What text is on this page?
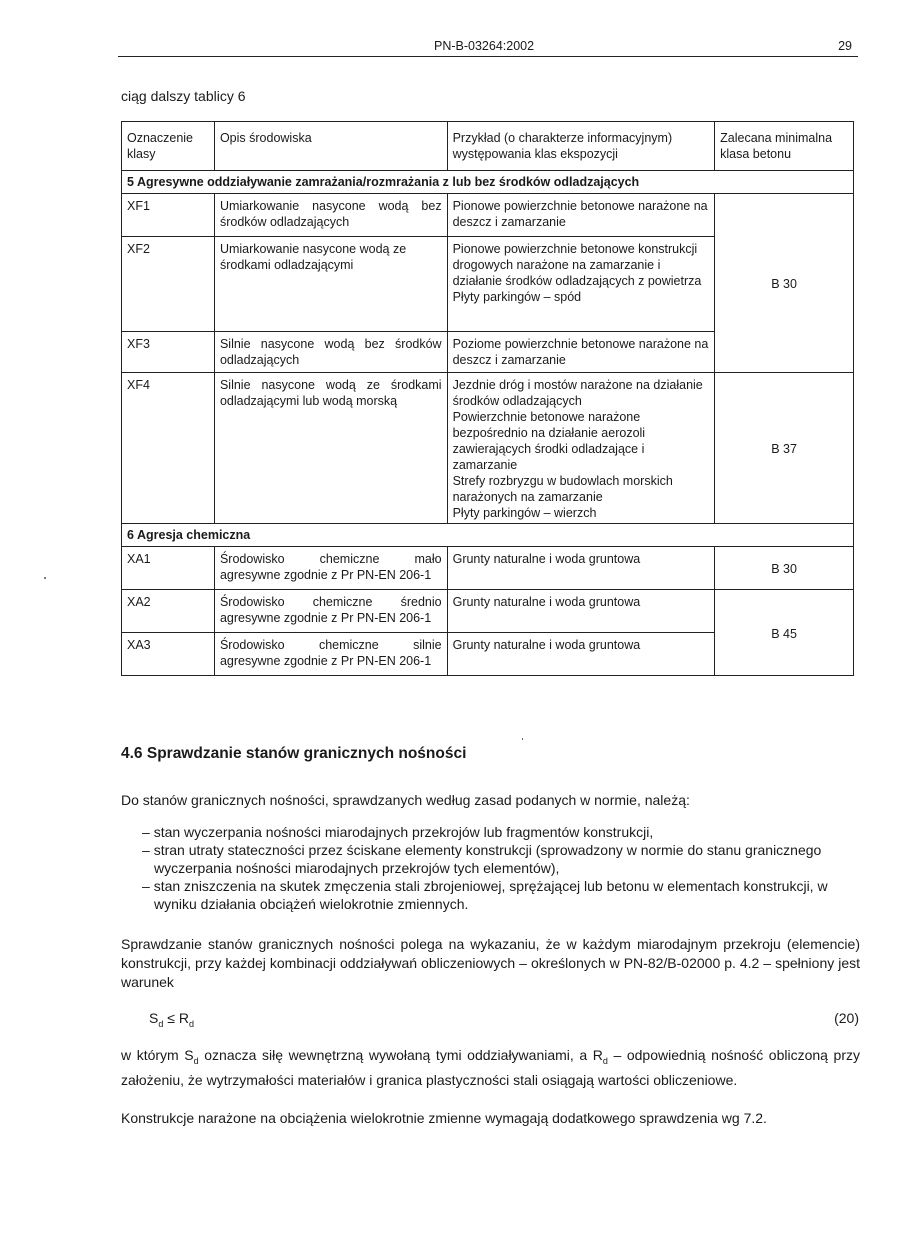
PN-B-03264:2002	29
ciąg dalszy tablicy 6
Oznaczenie klasy	Opis środowiska	Przykład (o charakterze informacyjnym) występowania klas ekspozycji	Zalecana minimalna klasa betonu
5 Agresywne oddziaływanie zamrażania/rozmrażania z lub bez środków odladzających			
XF1	Umiarkowanie nasycone wodą bez środków odladzających	Pionowe powierzchnie betonowe narażone na deszcz i zamarzanie	B 30
XF2	Umiarkowanie nasycone wodą ze środkami odladzającymi	Pionowe powierzchnie betonowe konstrukcji drogowych narażone na zamarzanie i działanie środków odladzających z powietrza
Płyty parkingów – spód	

XF3	Silnie nasycone wodą bez środków odladzających	Poziome powierzchnie betonowe narażone na deszcz i zamarzanie	
XF4	Silnie nasycone wodą ze środkami odladzającymi lub wodą morską	Jezdnie dróg i mostów narażone na działanie środków odladzających
Powierzchnie betonowe narażone bezpośrednio na działanie aerozoli zawierających środki odladzające i zamarzanie
Strefy rozbryzgu w budowlach morskich narażonych na zamarzanie
Płyty parkingów – wierzch	B 37
6 Agresja chemiczna			
XA1	Środowisko chemiczne mało agresywne zgodnie z Pr PN-EN 206-1	Grunty naturalne i woda gruntowa	B 30
XA2	Środowisko chemiczne średnio agresywne zgodnie z Pr PN-EN 206-1	Grunty naturalne i woda gruntowa	B 45
XA3	Środowisko chemiczne silnie agresywne zgodnie z Pr PN-EN 206-1	Grunty naturalne i woda gruntowa	
4.6 Sprawdzanie stanów granicznych nośności
Do stanów granicznych nośności, sprawdzanych według zasad podanych w normie, należą:
– stan wyczerpania nośności miarodajnych przekrojów lub fragmentów konstrukcji,
– stran utraty stateczności przez ściskane elementy konstrukcji (sprowadzony w normie do stanu granicznego wyczerpania nośności miarodajnych przekrojów tych elementów),
– stan zniszczenia na skutek zmęczenia stali zbrojeniowej, sprężającej lub betonu w elementach konstrukcji, w wyniku działania obciążeń wielokrotnie zmiennych.
Sprawdzanie stanów granicznych nośności polega na wykazaniu, że w każdym miarodajnym przekroju (elemencie) konstrukcji, przy każdej kombinacji oddziaływań obliczeniowych – określonych w PN-82/B-02000 p. 4.2 – spełniony jest warunek
$S_d \le R_d$	(20)
w którym $S_d$ oznacza siłę wewnętrzną wywołaną tymi oddziaływaniami, a $R_d$ – odpowiednią nośność obliczoną przy założeniu, że wytrzymałości materiałów i granica plastyczności stali osiągają wartości obliczeniowe.
Konstrukcje narażone na obciążenia wielokrotnie zmienne wymagają dodatkowego sprawdzenia wg 7.2.
